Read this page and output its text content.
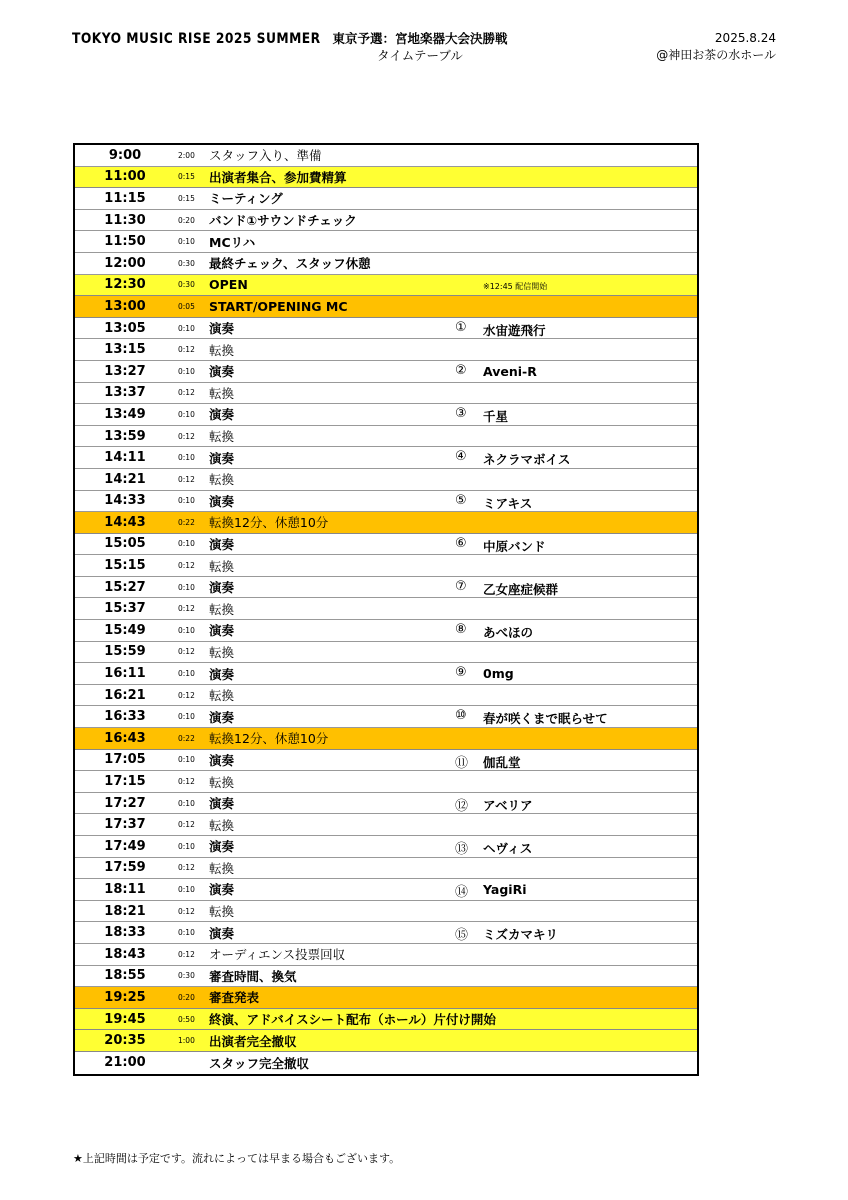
TOKYO MUSIC RISE 2025 SUMMER 東京予選：宮地楽器大会決勝戦
タイムテーブル
2025.8.24
@神田お茶の水ホール
9:00	2:00	スタッフ入り、準備
11:00	0:15	出演者集合、参加費精算
11:15	0:15	ミーティング
11:30	0:20	バンド①サウンドチェック
11:50	0:10	MCリハ
12:00	0:30	最終チェック、スタッフ休憩
12:30	0:30	OPEN	※12:45 配信開始
13:00	0:05	START/OPENING MC
13:05	0:10	演奏	① 水宙遊飛行
13:15	0:12	転換
13:27	0:10	演奏	② Aveni-R
13:37	0:12	転換
13:49	0:10	演奏	③ 千星
13:59	0:12	転換
14:11	0:10	演奏	④ ネクラマボイス
14:21	0:12	転換
14:33	0:10	演奏	⑤ ミアキス
14:43	0:22	転換12分、休憩10分
15:05	0:10	演奏	⑥ 中原バンド
15:15	0:12	転換
15:27	0:10	演奏	⑦ 乙女座症候群
15:37	0:12	転換
15:49	0:10	演奏	⑧ あべほの
15:59	0:12	転換
16:11	0:10	演奏	⑨ 0mg
16:21	0:12	転換
16:33	0:10	演奏	⑩ 春が咲くまで眠らせて
16:43	0:22	転換12分、休憩10分
17:05	0:10	演奏	⑪ 伽乱堂
17:15	0:12	転換
17:27	0:10	演奏	⑫ アベリア
17:37	0:12	転換
17:49	0:10	演奏	⑬ ヘヴィス
17:59	0:12	転換
18:11	0:10	演奏	⑭ YagiRi
18:21	0:12	転換
18:33	0:10	演奏	⑮ ミズカマキリ
18:43	0:12	オーディエンス投票回収
18:55	0:30	審査時間、換気
19:25	0:20	審査発表
19:45	0:50	終演、アドバイスシート配布（ホール）片付け開始
20:35	1:00	出演者完全撤収
21:00	スタッフ完全撤収
★上記時間は予定です。流れによっては早まる場合もございます。
